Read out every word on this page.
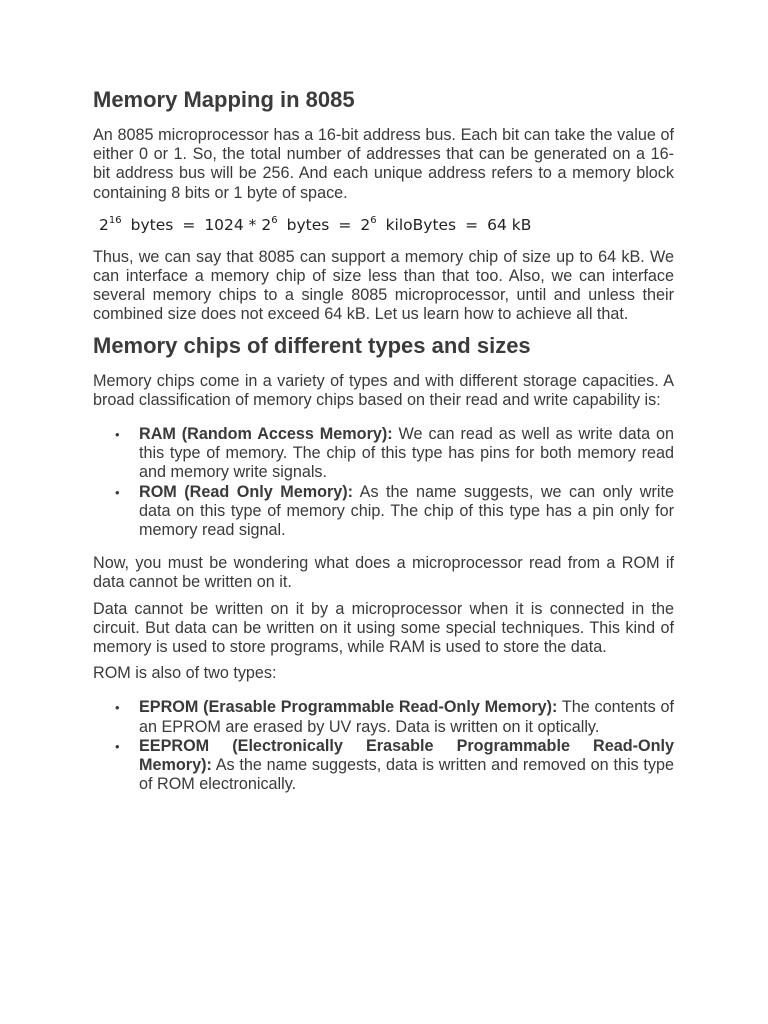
Memory Mapping in 8085

An 8085 microprocessor has a 16-bit address bus. Each bit can take the value of either 0 or 1. So, the total number of addresses that can be generated on a 16-bit address bus will be 256. And each unique address refers to a memory block containing 8 bits or 1 byte of space.

$2^{16}$ bytes = $1024 * 2^6$ bytes = $2^6$ kiloBytes = 64 kB

Thus, we can say that 8085 can support a memory chip of size up to 64 kB. We can interface a memory chip of size less than that too. Also, we can interface several memory chips to a single 8085 microprocessor, until and unless their combined size does not exceed 64 kB. Let us learn how to achieve all that.

Memory chips of different types and sizes

Memory chips come in a variety of types and with different storage capacities. A broad classification of memory chips based on their read and write capability is:

• RAM (Random Access Memory): We can read as well as write data on this type of memory. The chip of this type has pins for both memory read and memory write signals.
• ROM (Read Only Memory): As the name suggests, we can only write data on this type of memory chip. The chip of this type has a pin only for memory read signal.

Now, you must be wondering what does a microprocessor read from a ROM if data cannot be written on it.

Data cannot be written on it by a microprocessor when it is connected in the circuit. But data can be written on it using some special techniques. This kind of memory is used to store programs, while RAM is used to store the data.

ROM is also of two types:

• EPROM (Erasable Programmable Read-Only Memory): The contents of an EPROM are erased by UV rays. Data is written on it optically.
• EEPROM (Electronically Erasable Programmable Read-Only Memory): As the name suggests, data is written and removed on this type of ROM electronically.
